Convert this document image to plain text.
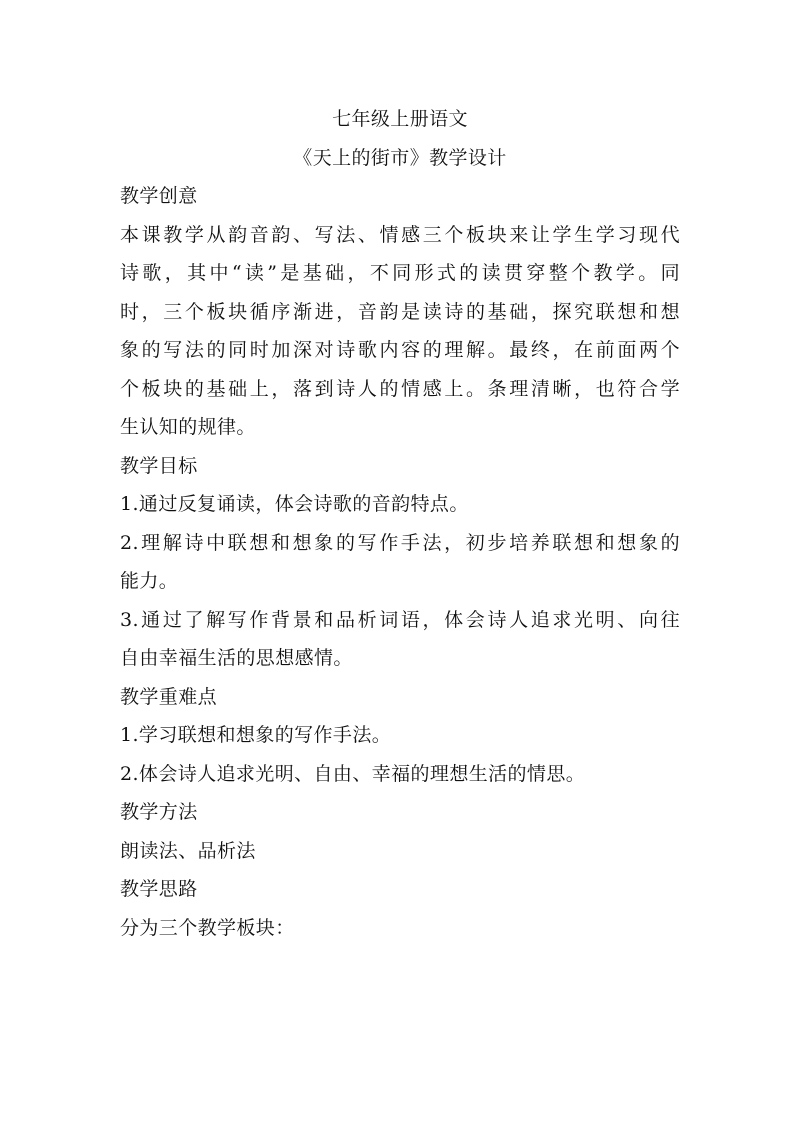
七年级上册语文

《天上的街市》教学设计

教学创意

本课教学从韵音韵、写法、情感三个板块来让学生学习现代
诗歌，其中“读”是基础，不同形式的读贯穿整个教学。同
时，三个板块循序渐进，音韵是读诗的基础，探究联想和想
象的写法的同时加深对诗歌内容的理解。最终，在前面两个
个板块的基础上，落到诗人的情感上。条理清晰，也符合学
生认知的规律。

教学目标

1.通过反复诵读，体会诗歌的音韵特点。
2.理解诗中联想和想象的写作手法，初步培养联想和想象的
能力。
3.通过了解写作背景和品析词语，体会诗人追求光明、向往
自由幸福生活的思想感情。

教学重难点

1.学习联想和想象的写作手法。
2.体会诗人追求光明、自由、幸福的理想生活的情思。

教学方法

朗读法、品析法

教学思路

分为三个教学板块：
